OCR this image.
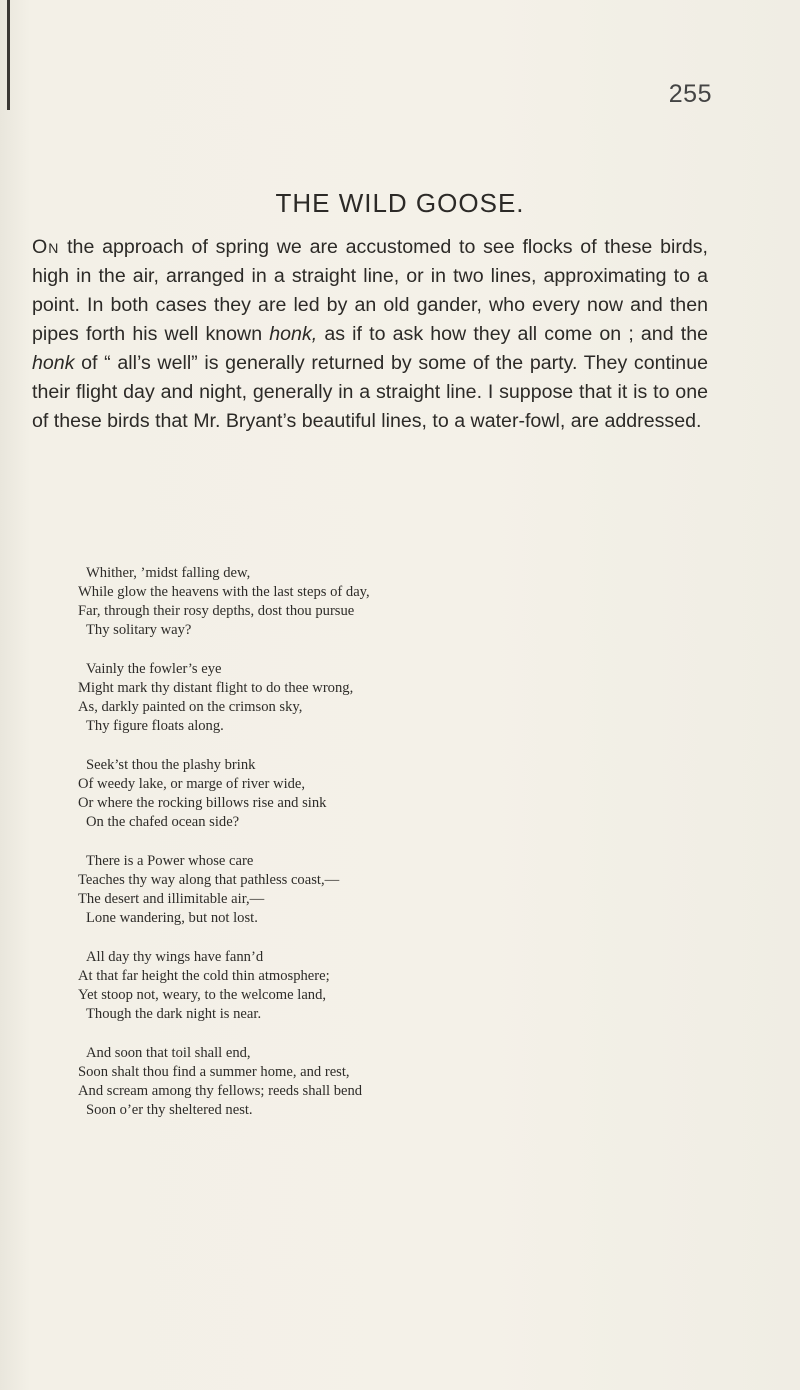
255
THE WILD GOOSE.

On the approach of spring we are accustomed to see flocks of these birds, high in the air, arranged in a straight line, or in two lines, approximating to a point. In both cases they are led by an old gander, who every now and then pipes forth his well known honk, as if to ask how they all come on ; and the honk of “ all’s well” is generally returned by some of the party. They continue their flight day and night, generally in a straight line. I suppose that it is to one of these birds that Mr. Bryant’s beautiful lines, to a water-fowl, are addressed.

Whither, ’midst falling dew,
While glow the heavens with the last steps of day,
Far, through their rosy depths, dost thou pursue
Thy solitary way?
Vainly the fowler’s eye
Might mark thy distant flight to do thee wrong,
As, darkly painted on the crimson sky,
Thy figure floats along.
Seek’st thou the plashy brink
Of weedy lake, or marge of river wide,
Or where the rocking billows rise and sink
On the chafed ocean side?
There is a Power whose care
Teaches thy way along that pathless coast,—
The desert and illimitable air,—
Lone wandering, but not lost.
All day thy wings have fann’d
At that far height the cold thin atmosphere;
Yet stoop not, weary, to the welcome land,
Though the dark night is near.
And soon that toil shall end,
Soon shalt thou find a summer home, and rest,
And scream among thy fellows; reeds shall bend
Soon o’er thy sheltered nest.
